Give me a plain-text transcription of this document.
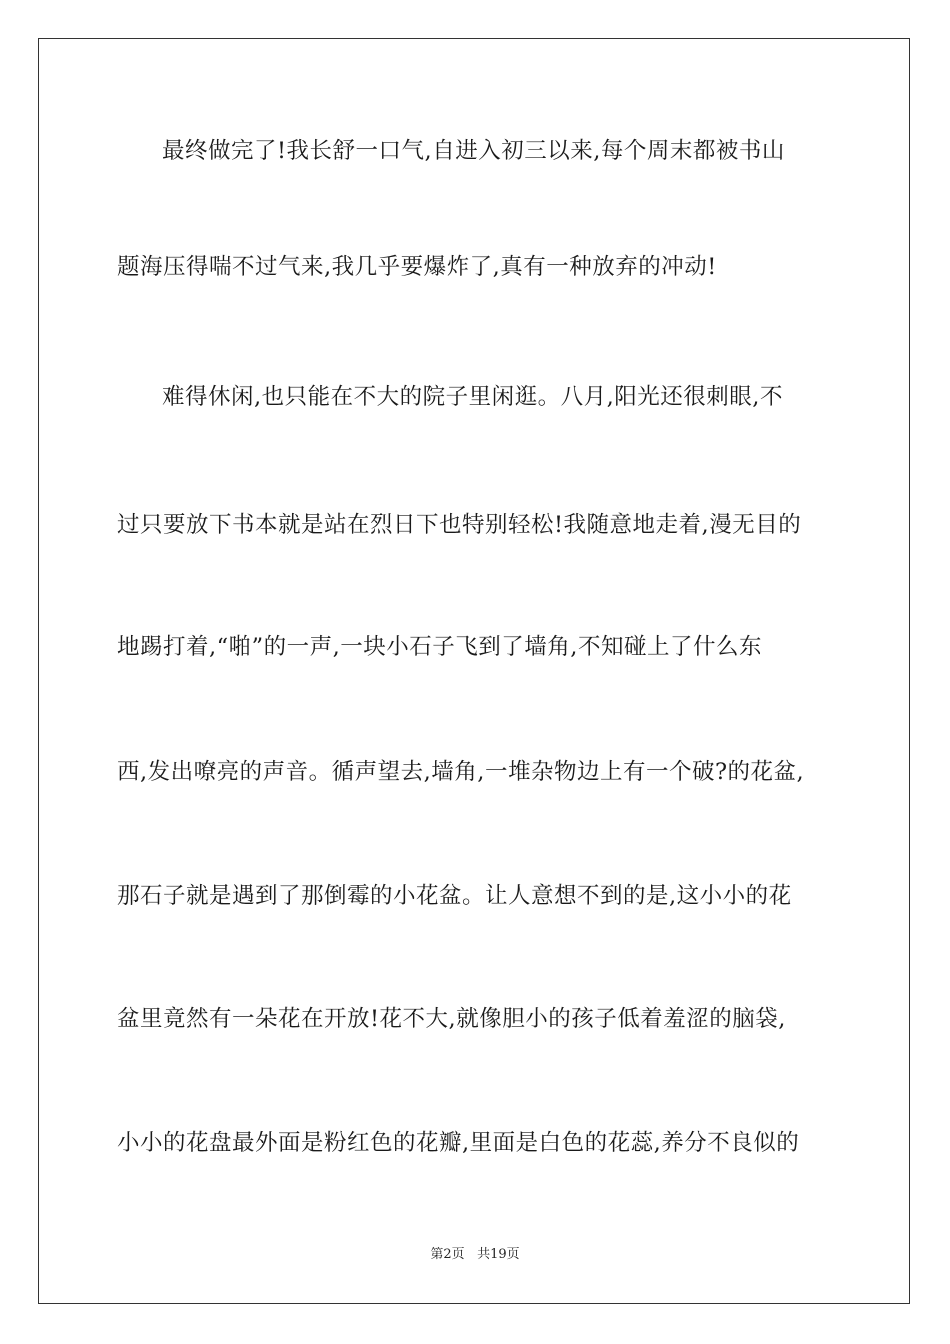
最终做完了!我长舒一口气,自进入初三以来,每个周末都被书山
题海压得喘不过气来,我几乎要爆炸了,真有一种放弃的冲动!
难得休闲,也只能在不大的院子里闲逛。八月,阳光还很刺眼,不
过只要放下书本就是站在烈日下也特别轻松!我随意地走着,漫无目的
地踢打着,“啪”的一声,一块小石子飞到了墙角,不知碰上了什么东
西,发出嘹亮的声音。循声望去,墙角,一堆杂物边上有一个破?的花盆,
那石子就是遇到了那倒霉的小花盆。让人意想不到的是,这小小的花
盆里竟然有一朵花在开放!花不大,就像胆小的孩子低着羞涩的脑袋,
小小的花盘最外面是粉红色的花瓣,里面是白色的花蕊,养分不良似的
第2页 共19页
